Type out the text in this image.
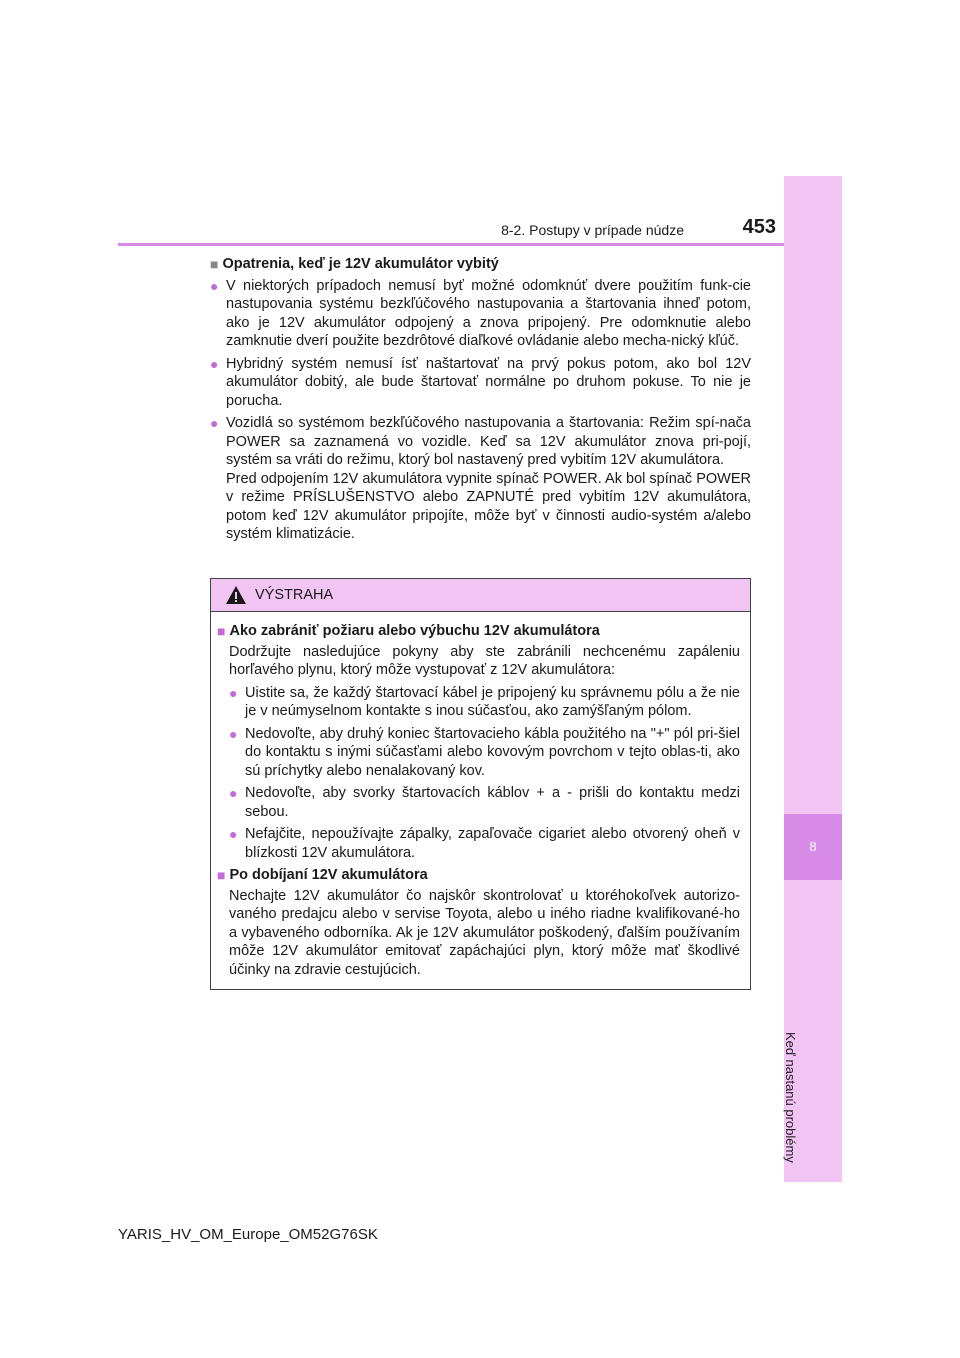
8
Keď nastanú problémy
8-2. Postupy v prípade núdze	453
■ Opatrenia, keď je 12V akumulátor vybitý
● V niektorých prípadoch nemusí byť možné odomknúť dvere použitím funk-cie nastupovania systému bezkľúčového nastupovania a štartovania ihneď potom, ako je 12V akumulátor odpojený a znova pripojený. Pre odomknutie alebo zamknutie dverí použite bezdrôtové diaľkové ovládanie alebo mecha-nický kľúč.
● Hybridný systém nemusí ísť naštartovať na prvý pokus potom, ako bol 12V akumulátor dobitý, ale bude štartovať normálne po druhom pokuse. To nie je porucha.
● Vozidlá so systémom bezkľúčového nastupovania a štartovania: Režim spí-nača POWER sa zaznamená vo vozidle. Keď sa 12V akumulátor znova pri-pojí, systém sa vráti do režimu, ktorý bol nastavený pred vybitím 12V akumulátora.

Pred odpojením 12V akumulátora vypnite spínač POWER. Ak bol spínač POWER v režime PRÍSLUŠENSTVO alebo ZAPNUTÉ pred vybitím 12V akumulátora, potom keď 12V akumulátor pripojíte, môže byť v činnosti audio-systém a/alebo systém klimatizácie.

VÝSTRAHA
■ Ako zabrániť požiaru alebo výbuchu 12V akumulátora
Dodržujte nasledujúce pokyny aby ste zabránili nechcenému zapáleniu horľavého plynu, ktorý môže vystupovať z 12V akumulátora:
● Uistite sa, že každý štartovací kábel je pripojený ku správnemu pólu a že nie je v neúmyselnom kontakte s inou súčasťou, ako zamýšľaným pólom.
● Nedovoľte, aby druhý koniec štartovacieho kábla použitého na "+" pól pri-šiel do kontaktu s inými súčasťami alebo kovovým povrchom v tejto oblas-ti, ako sú príchytky alebo nenalakovaný kov.
● Nedovoľte, aby svorky štartovacích káblov + a - prišli do kontaktu medzi sebou.
● Nefajčite, nepoužívajte zápalky, zapaľovače cigariet alebo otvorený oheň v blízkosti 12V akumulátora.
■ Po dobíjaní 12V akumulátora
Nechajte 12V akumulátor čo najskôr skontrolovať u ktoréhokoľvek autorizo-vaného predajcu alebo v servise Toyota, alebo u iného riadne kvalifikované-ho a vybaveného odborníka. Ak je 12V akumulátor poškodený, ďalším používaním môže 12V akumulátor emitovať zapáchajúci plyn, ktorý môže mať škodlivé účinky na zdravie cestujúcich.
YARIS_HV_OM_Europe_OM52G76SK
